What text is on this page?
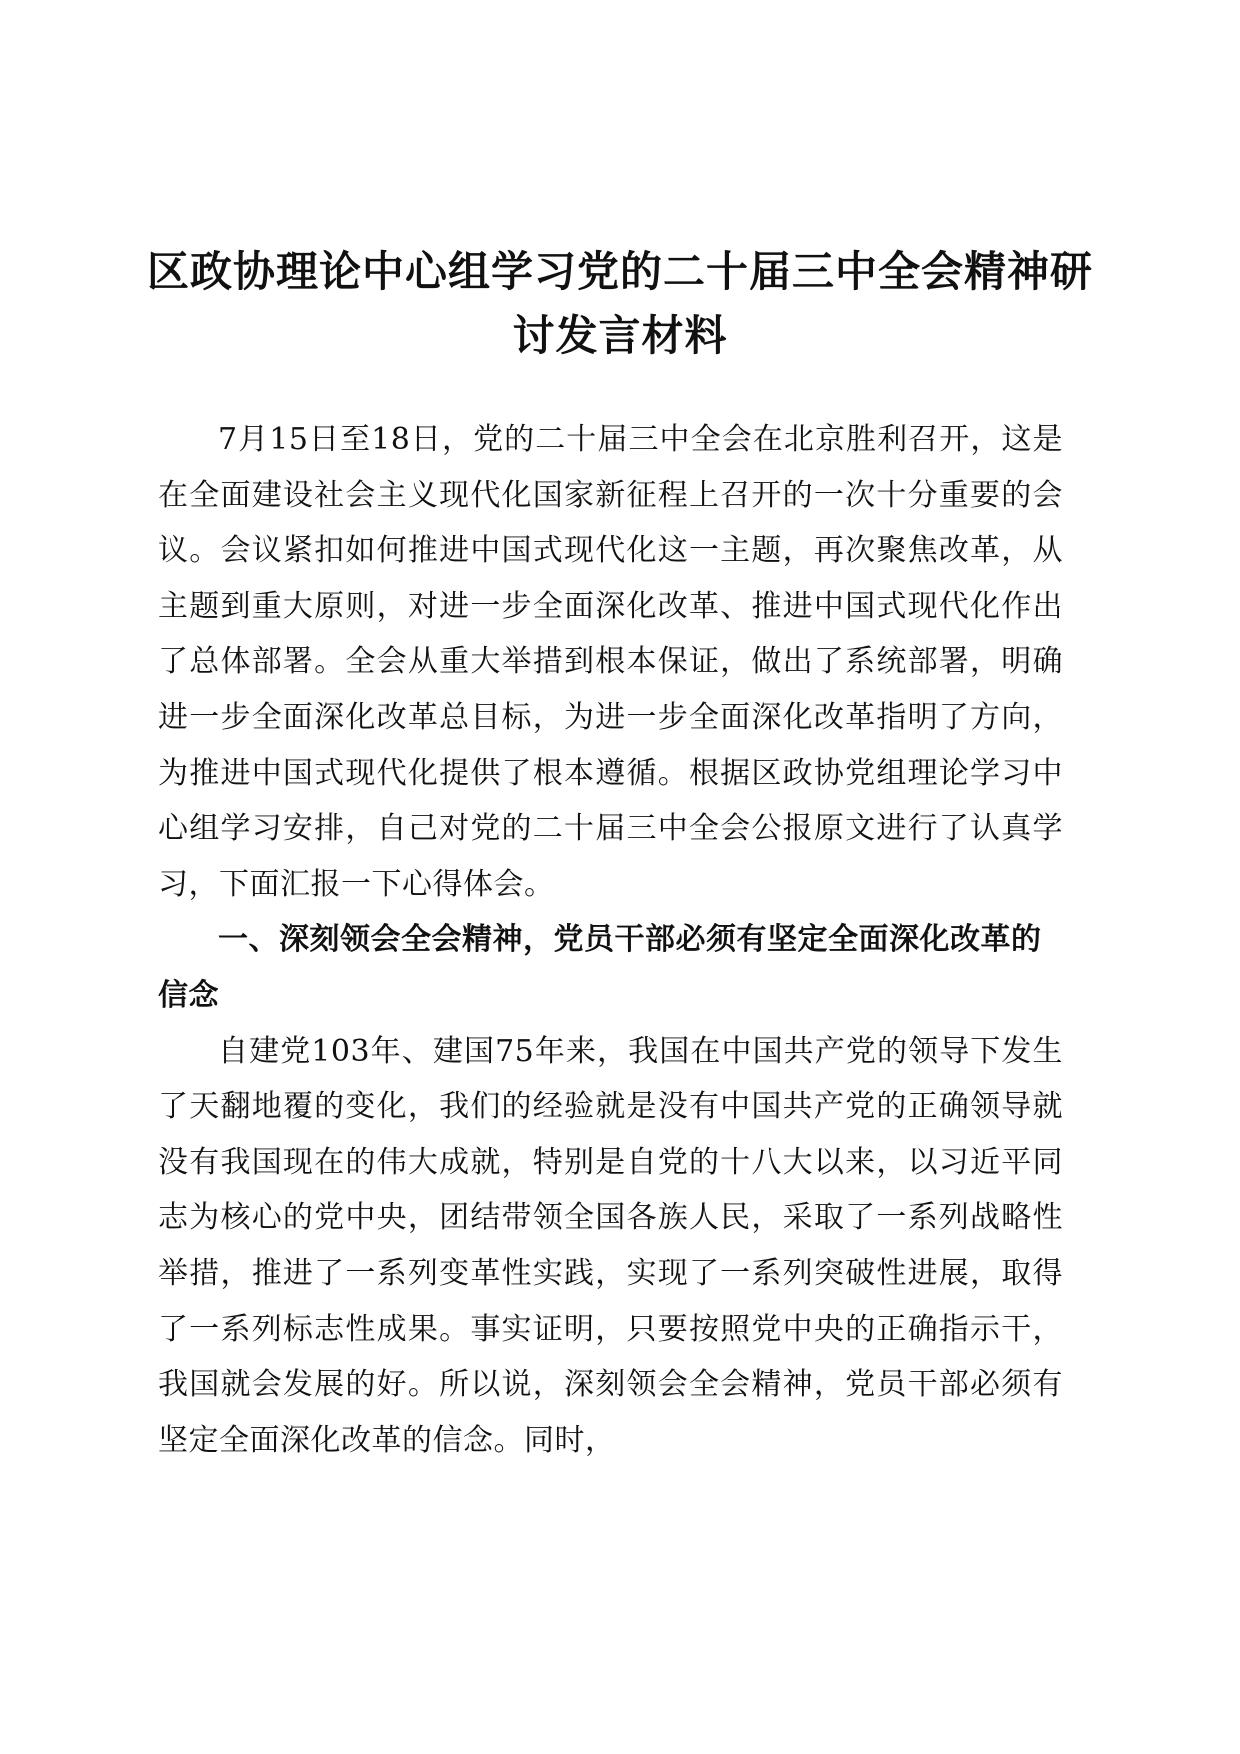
区政协理论中心组学习党的二十届三中全会精神研讨发言材料

7月15日至18日，党的二十届三中全会在北京胜利召开，这是在全面建设社会主义现代化国家新征程上召开的一次十分重要的会议。会议紧扣如何推进中国式现代化这一主题，再次聚焦改革，从主题到重大原则，对进一步全面深化改革、推进中国式现代化作出了总体部署。全会从重大举措到根本保证，做出了系统部署，明确进一步全面深化改革总目标，为进一步全面深化改革指明了方向，为推进中国式现代化提供了根本遵循。根据区政协党组理论学习中心组学习安排，自己对党的二十届三中全会公报原文进行了认真学习，下面汇报一下心得体会。

一、深刻领会全会精神，党员干部必须有坚定全面深化改革的信念

自建党103年、建国75年来，我国在中国共产党的领导下发生了天翻地覆的变化，我们的经验就是没有中国共产党的正确领导就没有我国现在的伟大成就，特别是自党的十八大以来，以习近平同志为核心的党中央，团结带领全国各族人民，采取了一系列战略性举措，推进了一系列变革性实践，实现了一系列突破性进展，取得了一系列标志性成果。事实证明，只要按照党中央的正确指示干，我国就会发展的好。所以说，深刻领会全会精神，党员干部必须有坚定全面深化改革的信念。同时，
